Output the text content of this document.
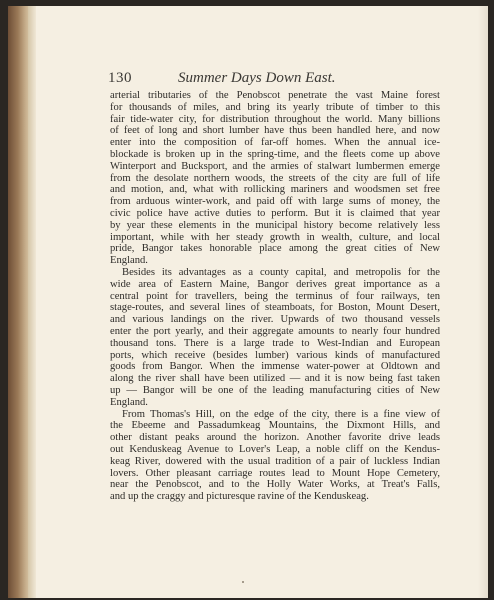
130	Summer Days Down East.
arterial tributaries of the Penobscot penetrate the vast Maine forest
for thousands of miles, and bring its yearly tribute of timber to this
fair tide-water city, for distribution throughout the world. Many billions
of feet of long and short lumber have thus been handled here, and now
enter into the composition of far-off homes. When the annual ice-
blockade is broken up in the spring-time, and the fleets come up above
Winterport and Bucksport, and the armies of stalwart lumbermen emerge
from the desolate northern woods, the streets of the city are full of life
and motion, and, what with rollicking mariners and woodsmen set free
from arduous winter-work, and paid off with large sums of money, the
civic police have active duties to perform. But it is claimed that year
by year these elements in the municipal history become relatively less
important, while with her steady growth in wealth, culture, and local
pride, Bangor takes honorable place among the great cities of New
England.
Besides its advantages as a county capital, and metropolis for the
wide area of Eastern Maine, Bangor derives great importance as a
central point for travellers, being the terminus of four railways, ten
stage-routes, and several lines of steamboats, for Boston, Mount Desert,
and various landings on the river. Upwards of two thousand vessels
enter the port yearly, and their aggregate amounts to nearly four hundred
thousand tons. There is a large trade to West-Indian and European
ports, which receive (besides lumber) various kinds of manufactured
goods from Bangor. When the immense water-power at Oldtown and
along the river shall have been utilized — and it is now being fast taken
up — Bangor will be one of the leading manufacturing cities of New
England.
From Thomas's Hill, on the edge of the city, there is a fine view of
the Ebeeme and Passadumkeag Mountains, the Dixmont Hills, and
other distant peaks around the horizon. Another favorite drive leads
out Kenduskeag Avenue to Lover's Leap, a noble cliff on the Kendus-
keag River, dowered with the usual tradition of a pair of luckless Indian
lovers. Other pleasant carriage routes lead to Mount Hope Cemetery,
near the Penobscot, and to the Holly Water Works, at Treat's Falls,
and up the craggy and picturesque ravine of the Kenduskeag.
